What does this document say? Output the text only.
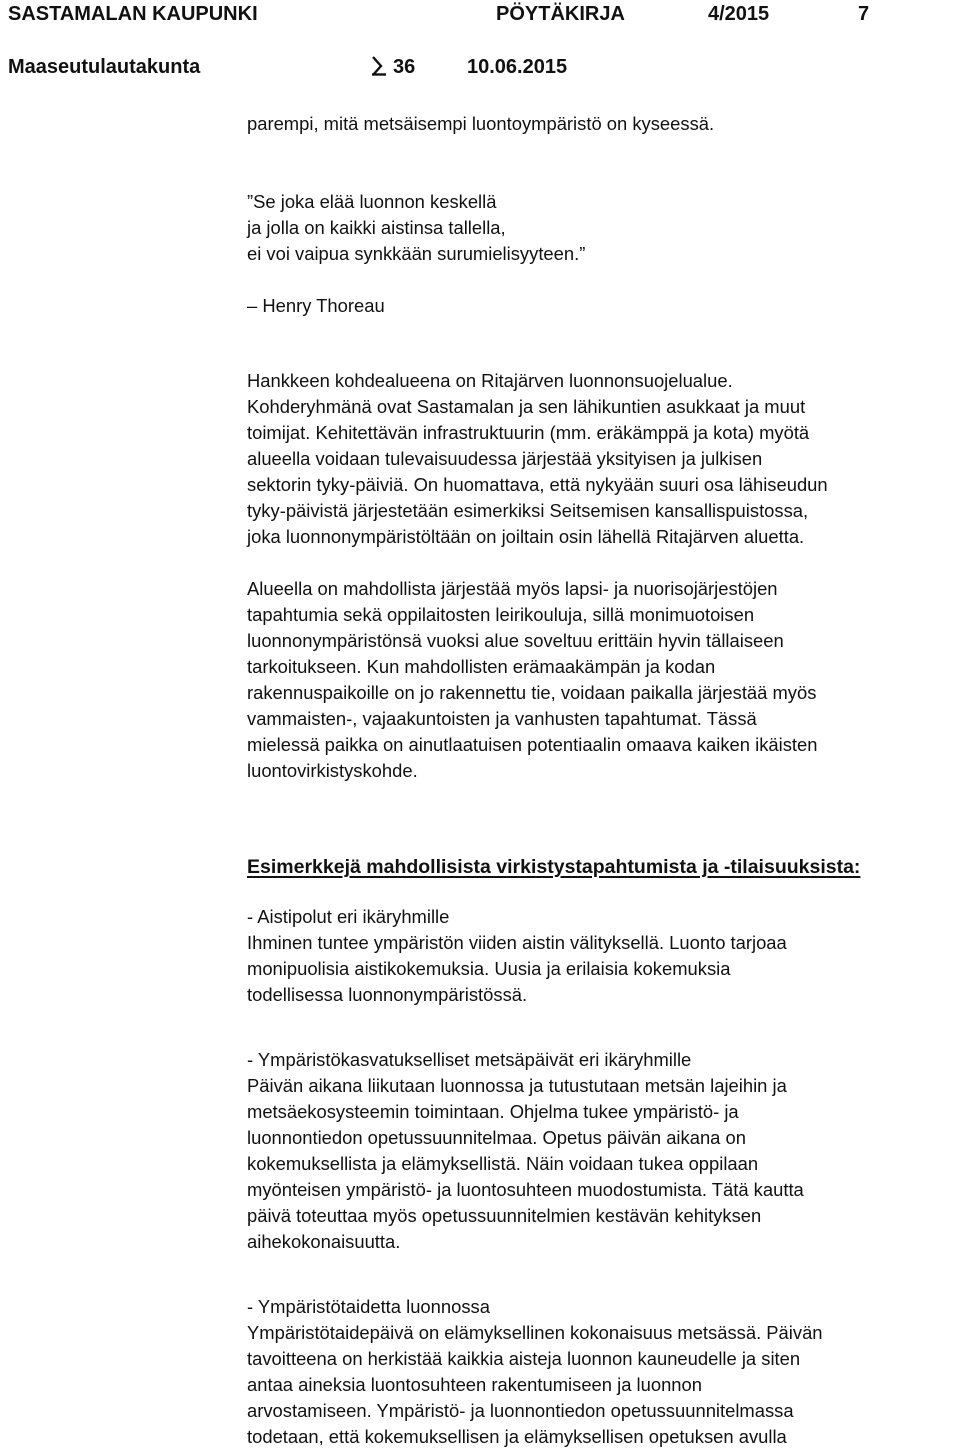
SASTAMALAN KAUPUNKI	PÖYTÄKIRJA	4/2015	7
Maaseutulautakunta	36	10.06.2015

parempi, mitä metsäisempi luontoympäristö on kyseessä.

”Se joka elää luonnon keskellä
ja jolla on kaikki aistinsa tallella,
ei voi vaipua synkkään surumielisyyteen.”

– Henry Thoreau

Hankkeen kohdealueena on Ritajärven luonnonsuojelualue.
Kohderyhmänä ovat Sastamalan ja sen lähikuntien asukkaat ja muut
toimijat. Kehitettävän infrastruktuurin (mm. eräkämppä ja kota) myötä
alueella voidaan tulevaisuudessa järjestää yksityisen ja julkisen
sektorin tyky-päiviä. On huomattava, että nykyään suuri osa lähiseudun
tyky-päivistä järjestetään esimerkiksi Seitsemisen kansallispuistossa,
joka luonnonympäristöltään on joiltain osin lähellä Ritajärven aluetta.

Alueella on mahdollista järjestää myös lapsi- ja nuorisojärjestöjen
tapahtumia sekä oppilaitosten leirikouluja, sillä monimuotoisen
luonnonympäristönsä vuoksi alue soveltuu erittäin hyvin tällaiseen
tarkoitukseen. Kun mahdollisten erämaakämpän ja kodan
rakennuspaikoille on jo rakennettu tie, voidaan paikalla järjestää myös
vammaisten-, vajaakuntoisten ja vanhusten tapahtumat. Tässä
mielessä paikka on ainutlaatuisen potentiaalin omaava kaiken ikäisten
luontovirkistyskohde.

Esimerkkejä mahdollisista virkistystapahtumista ja -tilaisuuksista:

- Aistipolut eri ikäryhmille

Ihminen tuntee ympäristön viiden aistin välityksellä. Luonto tarjoaa
monipuolisia aistikokemuksia. Uusia ja erilaisia kokemuksia
todellisessa luonnonympäristössä.

- Ympäristökasvatukselliset metsäpäivät eri ikäryhmille

Päivän aikana liikutaan luonnossa ja tutustutaan metsän lajeihin ja
metsäekosysteemin toimintaan. Ohjelma tukee ympäristö- ja
luonnontiedon opetussuunnitelmaa. Opetus päivän aikana on
kokemuksellista ja elämyksellistä. Näin voidaan tukea oppilaan
myönteisen ympäristö- ja luontosuhteen muodostumista. Tätä kautta
päivä toteuttaa myös opetussuunnitelmien kestävän kehityksen
aihekokonaisuutta.

- Ympäristötaidetta luonnossa

Ympäristötaidepäivä on elämyksellinen kokonaisuus metsässä. Päivän
tavoitteena on herkistää kaikkia aisteja luonnon kauneudelle ja siten
antaa aineksia luontosuhteen rakentumiseen ja luonnon
arvostamiseen. Ympäristö- ja luonnontiedon opetussuunnitelmassa
todetaan, että kokemuksellisen ja elämyksellisen opetuksen avulla
